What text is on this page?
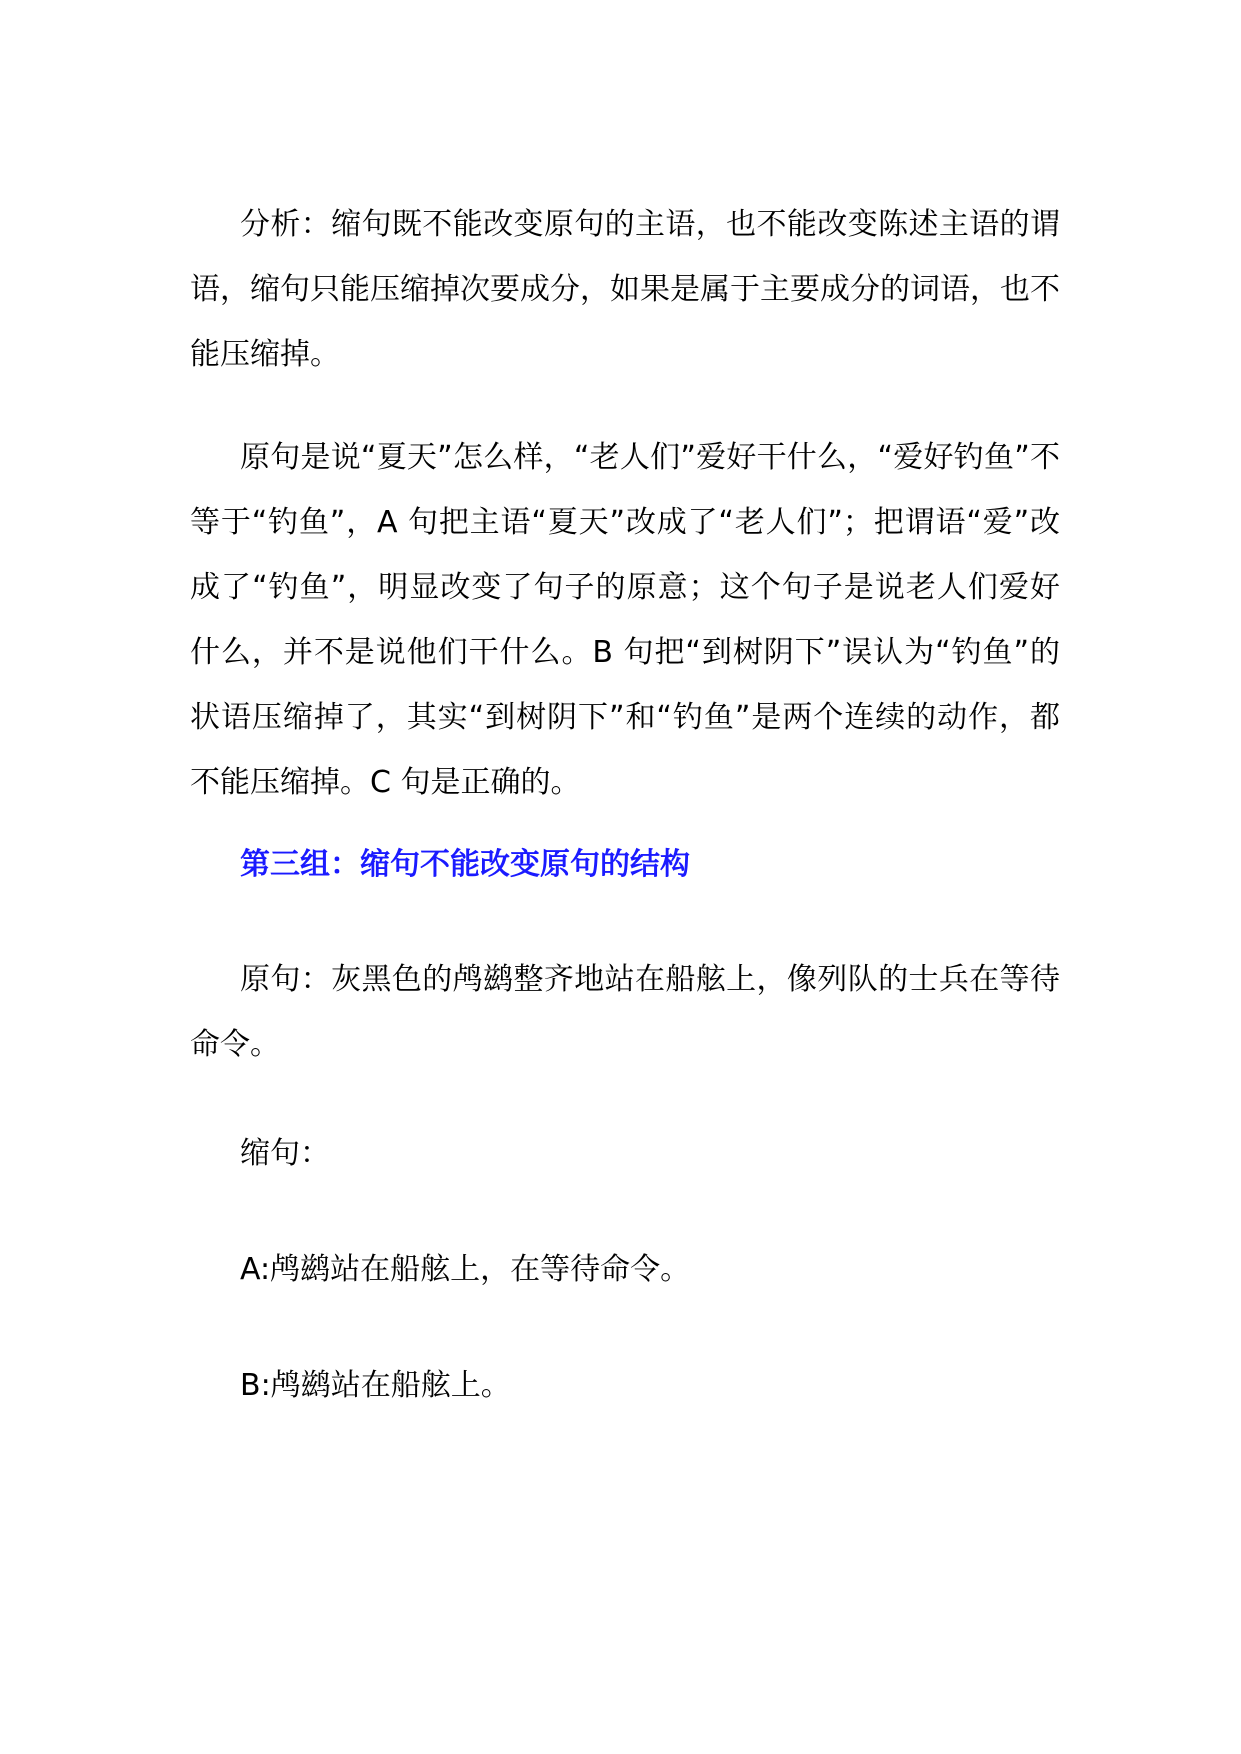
分析：缩句既不能改变原句的主语，也不能改变陈述主语的谓语，缩句只能压缩掉次要成分，如果是属于主要成分的词语，也不能压缩掉。

原句是说“夏天”怎么样，“老人们”爱好干什么，“爱好钓鱼”不等于“钓鱼”，A 句把主语“夏天”改成了“老人们”；把谓语“爱”改成了“钓鱼”，明显改变了句子的原意；这个句子是说老人们爱好什么，并不是说他们干什么。B 句把“到树阴下”误认为“钓鱼”的状语压缩掉了，其实“到树阴下”和“钓鱼”是两个连续的动作，都不能压缩掉。C 句是正确的。

第三组：缩句不能改变原句的结构

原句：灰黑色的鸬鹚整齐地站在船舷上，像列队的士兵在等待命令。

缩句：

A:鸬鹚站在船舷上，在等待命令。

B:鸬鹚站在船舷上。
